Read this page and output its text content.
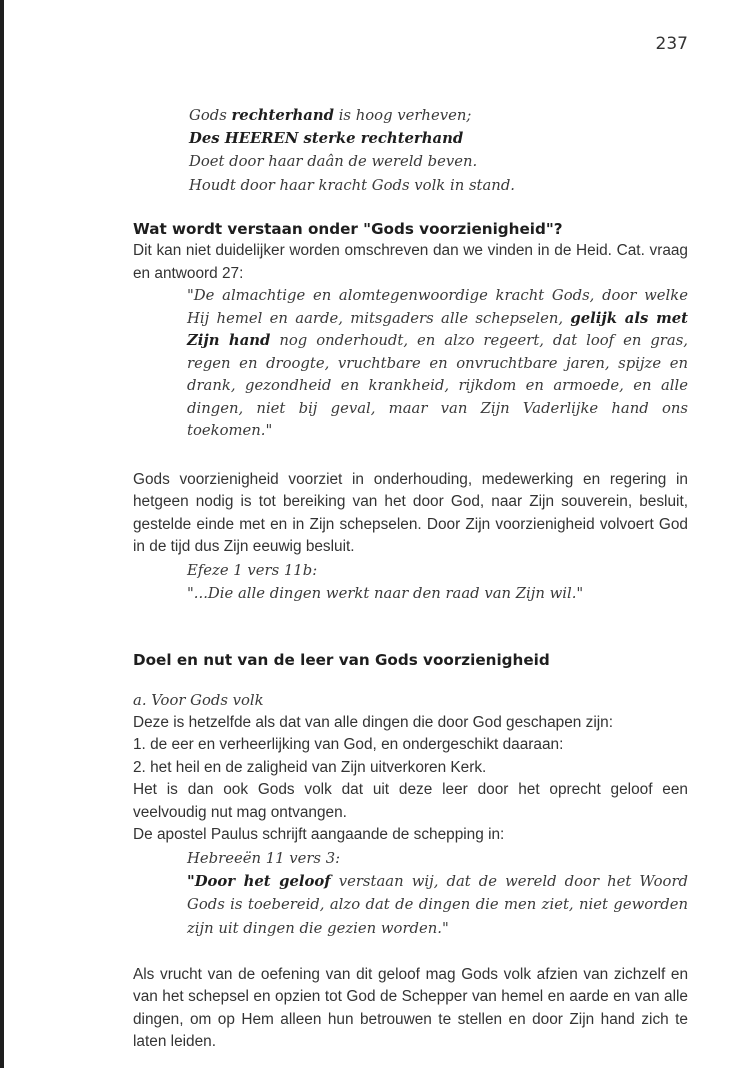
237

Gods rechterhand is hoog verheven;

Des HEEREN sterke rechterhand

Doet door haar daân de wereld beven.

Houdt door haar kracht Gods volk in stand.

Wat wordt verstaan onder "Gods voorzienigheid"?

Dit kan niet duidelijker worden omschreven dan we vinden in de Heid. Cat. vraag en antwoord 27:

"De almachtige en alomtegenwoordige kracht Gods, door welke Hij hemel en aarde, mitsgaders alle schepselen, gelijk als met Zijn hand nog onderhoudt, en alzo regeert, dat loof en gras, regen en droogte, vruchtbare en onvruchtbare jaren, spijze en drank, gezondheid en krankheid, rijkdom en armoede, en alle dingen, niet bij geval, maar van Zijn Vaderlijke hand ons toekomen."

Gods voorzienigheid voorziet in onderhouding, medewerking en regering in hetgeen nodig is tot bereiking van het door God, naar Zijn souverein, besluit, gestelde einde met en in Zijn schepselen. Door Zijn voorzienigheid volvoert God in de tijd dus Zijn eeuwig besluit.

Efeze 1 vers 11b:

"...Die alle dingen werkt naar den raad van Zijn wil."

Doel en nut van de leer van Gods voorzienigheid

a. Voor Gods volk

Deze is hetzelfde als dat van alle dingen die door God geschapen zijn:

1. de eer en verheerlijking van God, en ondergeschikt daaraan:

2. het heil en de zaligheid van Zijn uitverkoren Kerk.

Het is dan ook Gods volk dat uit deze leer door het oprecht geloof een veelvoudig nut mag ontvangen.

De apostel Paulus schrijft aangaande de schepping in:

Hebreeën 11 vers 3:

"Door het geloof verstaan wij, dat de wereld door het Woord Gods is toebereid, alzo dat de dingen die men ziet, niet geworden zijn uit dingen die gezien worden."

Als vrucht van de oefening van dit geloof mag Gods volk afzien van zichzelf en van het schepsel en opzien tot God de Schepper van hemel en aarde en van alle dingen, om op Hem alleen hun betrouwen te stellen en door Zijn hand zich te laten leiden.
